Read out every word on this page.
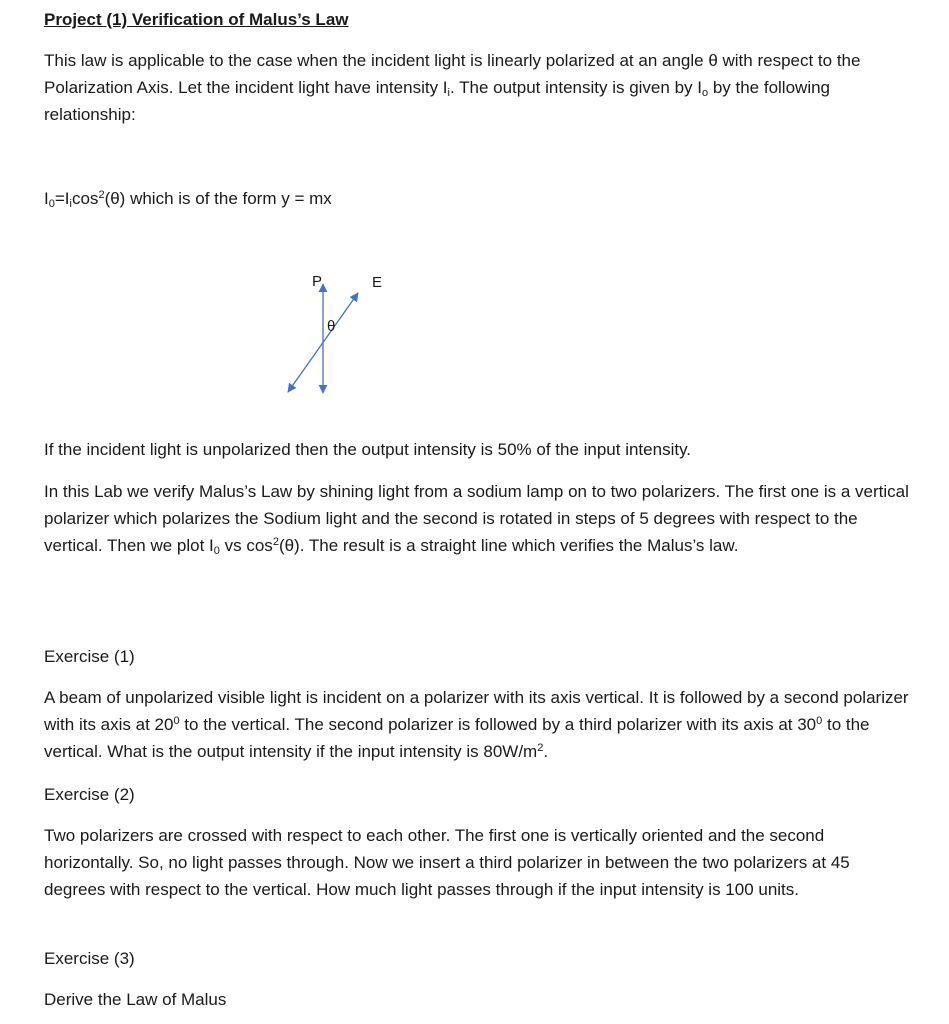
Project (1) Verification of Malus’s Law
This law is applicable to the case when the incident light is linearly polarized at an angle θ with respect to the Polarization Axis. Let the incident light have intensity $I_i$. The output intensity is given by $I_o$ by the following relationship:
$I_0=I_i\cos^2(\theta)$ which is of the form y = mx
P	E
θ
If the incident light is unpolarized then the output intensity is 50% of the input intensity.
In this Lab we verify Malus’s Law by shining light from a sodium lamp on to two polarizers. The first one is a vertical polarizer which polarizes the Sodium light and the second is rotated in steps of 5 degrees with respect to the vertical. Then we plot $I_0$ vs $\cos^2(\theta)$. The result is a straight line which verifies the Malus’s law.
Exercise (1)
A beam of unpolarized visible light is incident on a polarizer with its axis vertical. It is followed by a second polarizer with its axis at $20^0$ to the vertical. The second polarizer is followed by a third polarizer with its axis at $30^0$ to the vertical. What is the output intensity if the input intensity is $80W/m^2$.
Exercise (2)
Two polarizers are crossed with respect to each other. The first one is vertically oriented and the second horizontally. So, no light passes through. Now we insert a third polarizer in between the two polarizers at 45 degrees with respect to the vertical. How much light passes through if the input intensity is 100 units.
Exercise (3)
Derive the Law of Malus
